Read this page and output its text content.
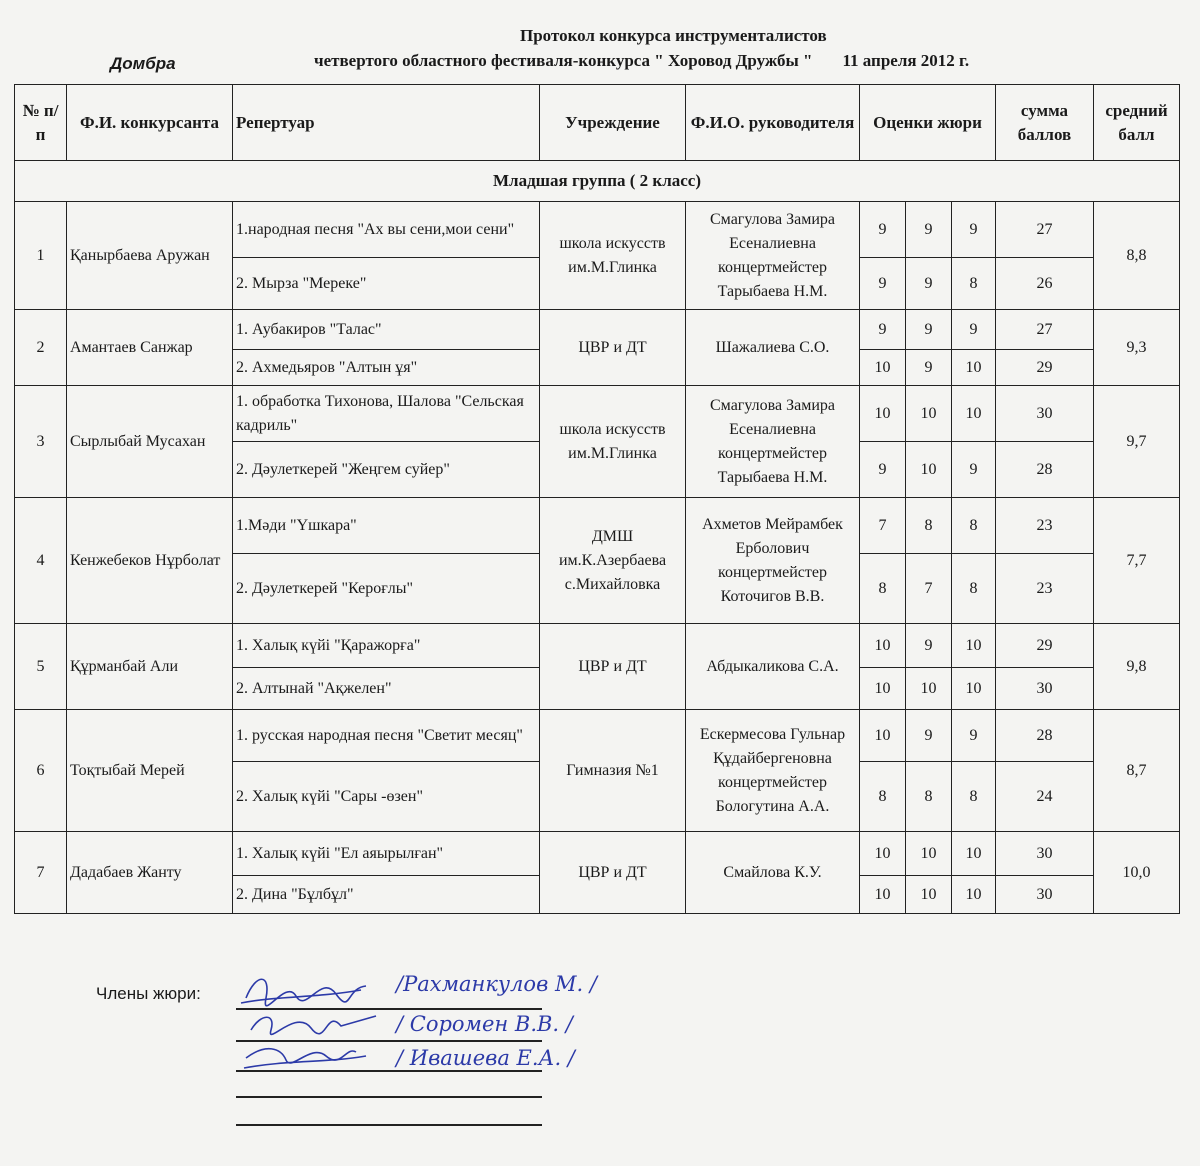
Протокол конкурса инструменталистов
четвертого областного фестиваля-конкурса " Хоровод Дружбы " 11 апреля 2012 г.
Домбра
№ п/п	Ф.И. конкурсанта	Репертуар	Учреждение	Ф.И.О. руководителя	Оценки жюри			сумма баллов	средний балл
Младшая группа ( 2 класс)									
1	Қанырбаева Аружан	1.народная песня "Ах вы сени,мои сени"	школа искусств им.М.Глинка	Смагулова Замира Есеналиевна концертмейстер Тарыбаева Н.М.	9	9	9	27	8,8
		2. Мырза "Мереке"			9	9	8	26	
2	Амантаев Санжар	1. Аубакиров "Талас"	ЦВР и ДТ	Шажалиева С.О.	9	9	9	27	9,3
		2. Ахмедьяров "Алтын ұя"			10	9	10	29	
3	Сырлыбай Мусахан	1. обработка Тихонова, Шалова "Сельская кадриль"	школа искусств им.М.Глинка	Смагулова Замира Есеналиевна концертмейстер Тарыбаева Н.М.	10	10	10	30	9,7
		2. Дәулеткерей "Жеңгем суйер"			9	10	9	28	
4	Кенжебеков Нұрболат	1.Мәди "Үшкара"	ДМШ им.К.Азербаева с.Михайловка	Ахметов Мейрамбек Ерболович концертмейстер Коточигов В.В.	7	8	8	23	7,7
		2. Дәулеткерей "Кероғлы"			8	7	8	23	
5	Құрманбай Али	1. Халық күйі "Қаражорға"	ЦВР и ДТ	Абдыкаликова С.А.	10	9	10	29	9,8
		2. Алтынай "Ақжелен"			10	10	10	30	
6	Тоқтыбай Мерей	1. русская народная песня "Светит месяц"	Гимназия №1	Ескермесова Гульнар Құдайбергеновна концертмейстер Бологутина А.А.	10	9	9	28	8,7
		2. Халық күйі "Сары -өзен"			8	8	8	24	
7	Дадабаев Жанту	1. Халық күйі "Ел аяырылған"	ЦВР и ДТ	Смайлова К.У.	10	10	10	30	10,0
		2. Дина "Бұлбұл"			10	10	10	30	
Члены жюри:	/Рахманкулов М. /
/ Соромен В.В. /
/ Ивашева Е.А. /
